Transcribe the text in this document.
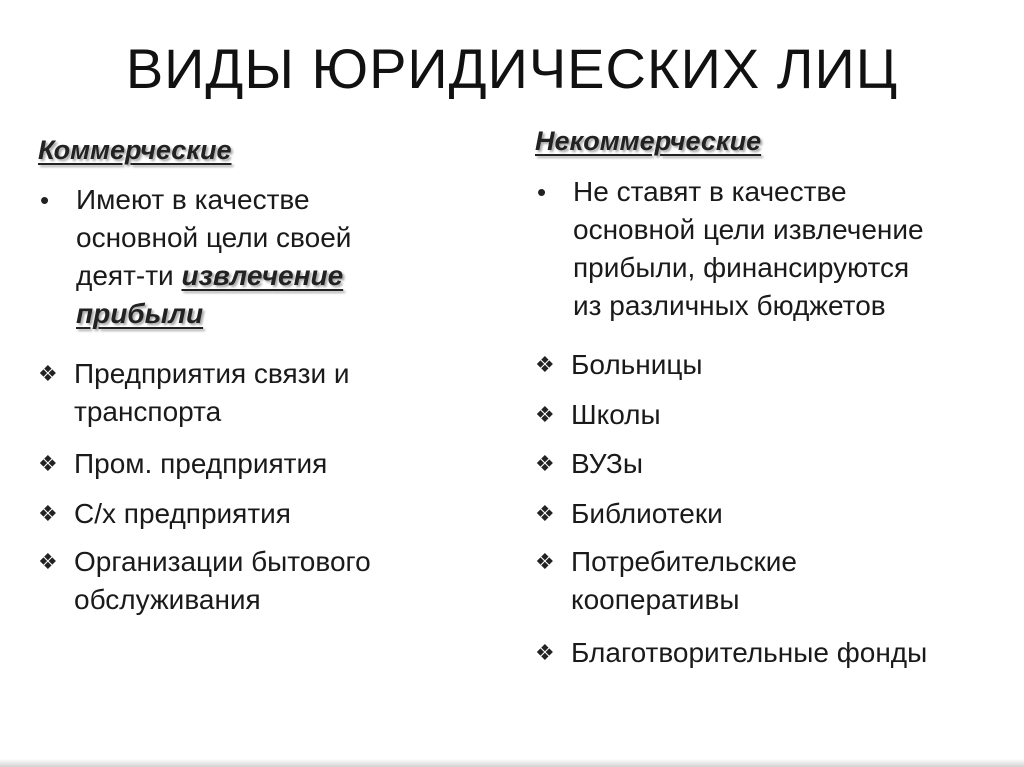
ВИДЫ ЮРИДИЧЕСКИХ ЛИЦ
Коммерческие
• Имеют в качестве
основной цели своей
деят-ти извлечение
прибыли
❖ Предприятия связи и
транспорта
❖ Пром. предприятия
❖ С/х предприятия
❖ Организации бытового
обслуживания
Некоммерческие
• Не ставят в качестве
основной цели извлечение
прибыли, финансируются
из различных бюджетов
❖ Больницы
❖ Школы
❖ ВУЗы
❖ Библиотеки
❖ Потребительские
кооперативы
❖ Благотворительные фонды
